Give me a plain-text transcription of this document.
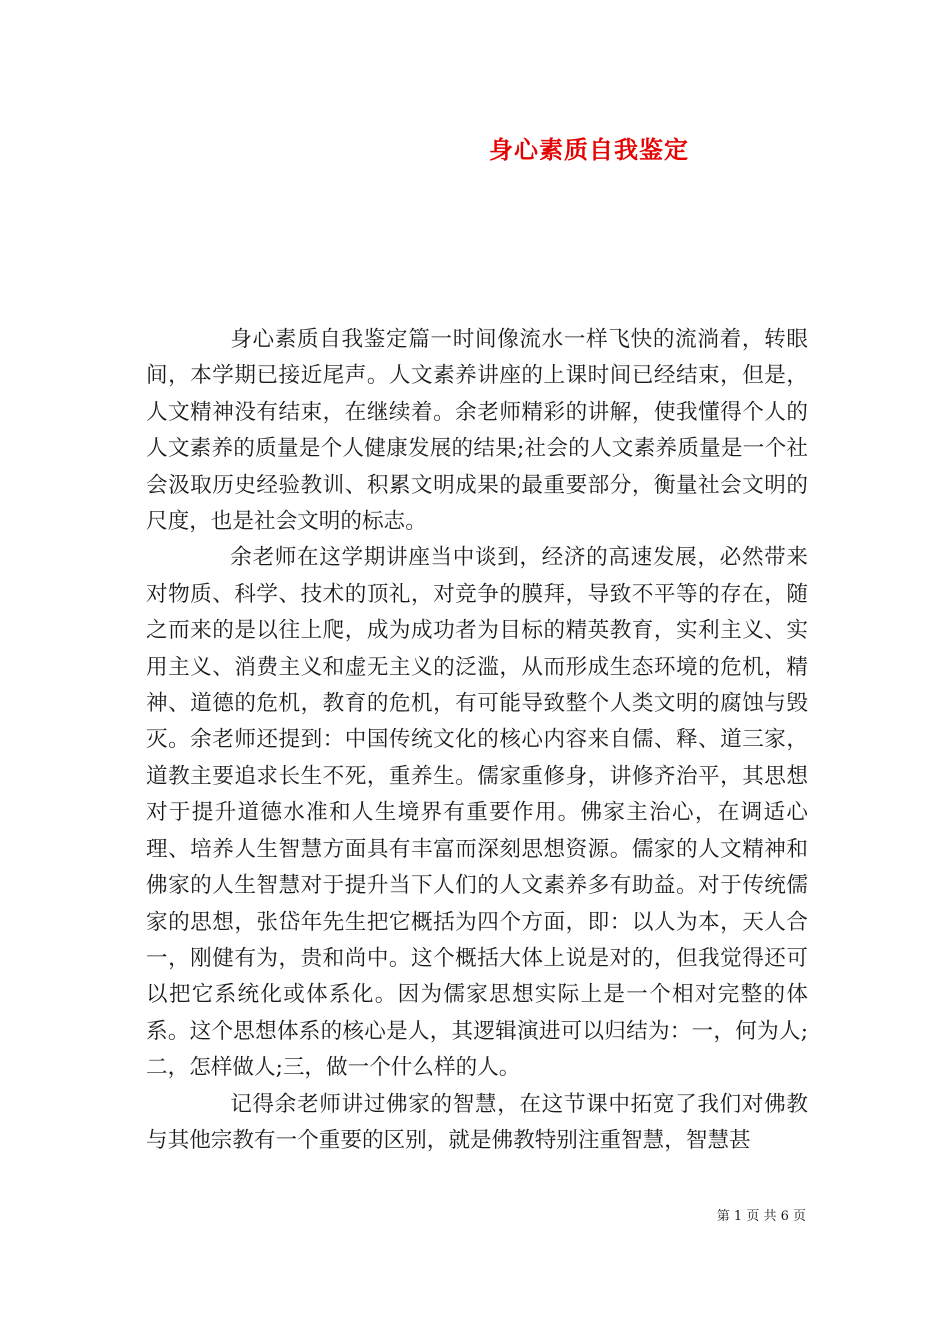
身心素质自我鉴定

身心素质自我鉴定篇一时间像流水一样飞快的流淌着，转眼间，本学期已接近尾声。人文素养讲座的上课时间已经结束，但是，人文精神没有结束，在继续着。余老师精彩的讲解，使我懂得个人的人文素养的质量是个人健康发展的结果;社会的人文素养质量是一个社会汲取历史经验教训、积累文明成果的最重要部分，衡量社会文明的尺度，也是社会文明的标志。

余老师在这学期讲座当中谈到，经济的高速发展，必然带来对物质、科学、技术的顶礼，对竞争的膜拜，导致不平等的存在，随之而来的是以往上爬，成为成功者为目标的精英教育，实利主义、实用主义、消费主义和虚无主义的泛滥，从而形成生态环境的危机，精神、道德的危机，教育的危机，有可能导致整个人类文明的腐蚀与毁灭。余老师还提到：中国传统文化的核心内容来自儒、释、道三家，道教主要追求长生不死，重养生。儒家重修身，讲修齐治平，其思想对于提升道德水准和人生境界有重要作用。佛家主治心，在调适心理、培养人生智慧方面具有丰富而深刻思想资源。儒家的人文精神和佛家的人生智慧对于提升当下人们的人文素养多有助益。对于传统儒家的思想，张岱年先生把它概括为四个方面，即：以人为本，天人合一，刚健有为，贵和尚中。这个概括大体上说是对的，但我觉得还可以把它系统化或体系化。因为儒家思想实际上是一个相对完整的体系。这个思想体系的核心是人，其逻辑演进可以归结为：一，何为人;二，怎样做人;三，做一个什么样的人。

记得余老师讲过佛家的智慧，在这节课中拓宽了我们对佛教与其他宗教有一个重要的区别，就是佛教特别注重智慧，智慧甚

第 1 页 共 6 页
